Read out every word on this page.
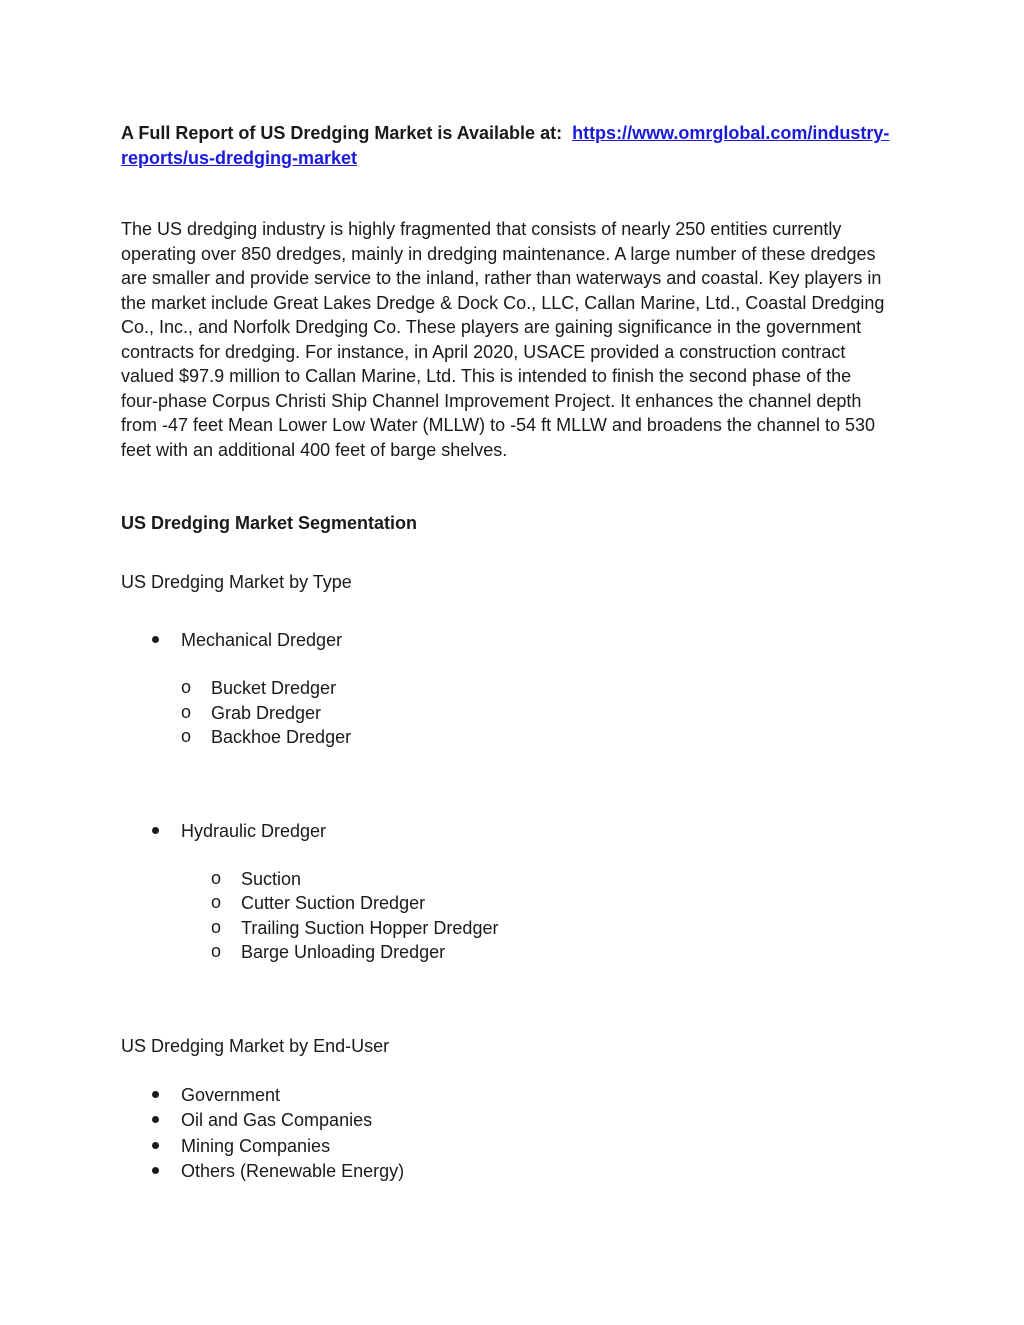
A Full Report of US Dredging Market is Available at: https://www.omrglobal.com/industry-
reports/us-dredging-market

The US dredging industry is highly fragmented that consists of nearly 250 entities currently

operating over 850 dredges, mainly in dredging maintenance. A large number of these dredges

are smaller and provide service to the inland, rather than waterways and coastal. Key players in

the market include Great Lakes Dredge & Dock Co., LLC, Callan Marine, Ltd., Coastal Dredging

Co., Inc., and Norfolk Dredging Co. These players are gaining significance in the government

contracts for dredging. For instance, in April 2020, USACE provided a construction contract

valued $97.9 million to Callan Marine, Ltd. This is intended to finish the second phase of the

four-phase Corpus Christi Ship Channel Improvement Project. It enhances the channel depth

from -47 feet Mean Lower Low Water (MLLW) to -54 ft MLLW and broadens the channel to 530

feet with an additional 400 feet of barge shelves.

US Dredging Market Segmentation
US Dredging Market by Type
Mechanical Dredger
o Bucket Dredger
o Grab Dredger
o Backhoe Dredger
Hydraulic Dredger
o Suction
o Cutter Suction Dredger
o Trailing Suction Hopper Dredger
o Barge Unloading Dredger
US Dredging Market by End-User
Government
Oil and Gas Companies
Mining Companies
Others (Renewable Energy)
